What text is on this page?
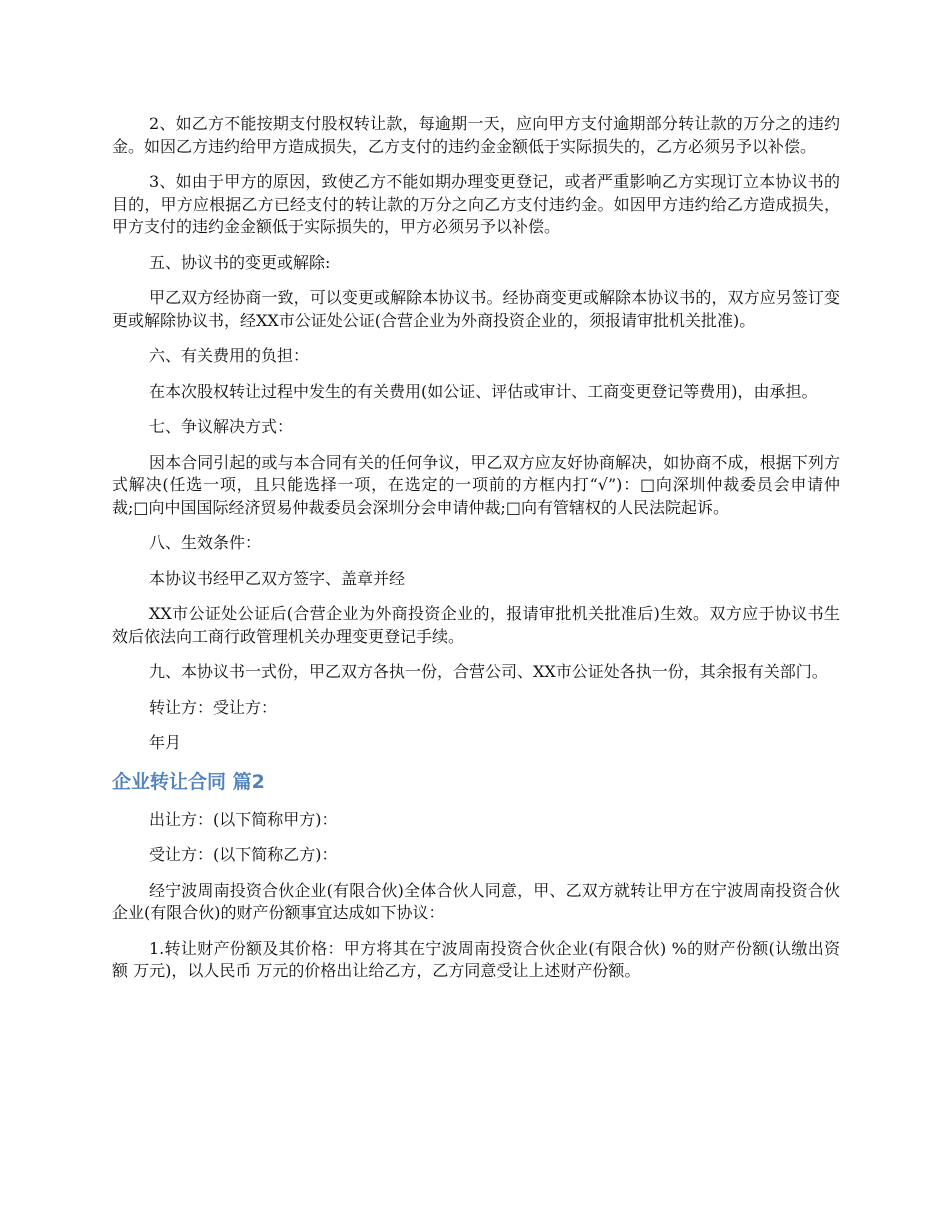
2、如乙方不能按期支付股权转让款，每逾期一天，应向甲方支付逾期部分转让款的万分之的违约金。如因乙方违约给甲方造成损失，乙方支付的违约金金额低于实际损失的，乙方必须另予以补偿。

3、如由于甲方的原因，致使乙方不能如期办理变更登记，或者严重影响乙方实现订立本协议书的目的，甲方应根据乙方已经支付的转让款的万分之向乙方支付违约金。如因甲方违约给乙方造成损失，甲方支付的违约金金额低于实际损失的，甲方必须另予以补偿。

五、协议书的变更或解除:

甲乙双方经协商一致，可以变更或解除本协议书。经协商变更或解除本协议书的，双方应另签订变更或解除协议书，经XX市公证处公证(合营企业为外商投资企业的，须报请审批机关批准)。

六、有关费用的负担：

在本次股权转让过程中发生的有关费用(如公证、评估或审计、工商变更登记等费用)，由承担。

七、争议解决方式：

因本合同引起的或与本合同有关的任何争议，甲乙双方应友好协商解决，如协商不成，根据下列方式解决(任选一项，且只能选择一项，在选定的一项前的方框内打“√”)：□向深圳仲裁委员会申请仲裁;□向中国国际经济贸易仲裁委员会深圳分会申请仲裁;□向有管辖权的人民法院起诉。

八、生效条件：

本协议书经甲乙双方签字、盖章并经

XX市公证处公证后(合营企业为外商投资企业的，报请审批机关批准后)生效。双方应于协议书生效后依法向工商行政管理机关办理变更登记手续。

九、本协议书一式份，甲乙双方各执一份，合营公司、XX市公证处各执一份，其余报有关部门。

转让方：受让方：

年月

企业转让合同 篇2

出让方：(以下简称甲方)：

受让方：(以下简称乙方)：

经宁波周南投资合伙企业(有限合伙)全体合伙人同意，甲、乙双方就转让甲方在宁波周南投资合伙企业(有限合伙)的财产份额事宜达成如下协议：

1.转让财产份额及其价格：甲方将其在宁波周南投资合伙企业(有限合伙) %的财产份额(认缴出资额 万元)，以人民币 万元的价格出让给乙方，乙方同意受让上述财产份额。
